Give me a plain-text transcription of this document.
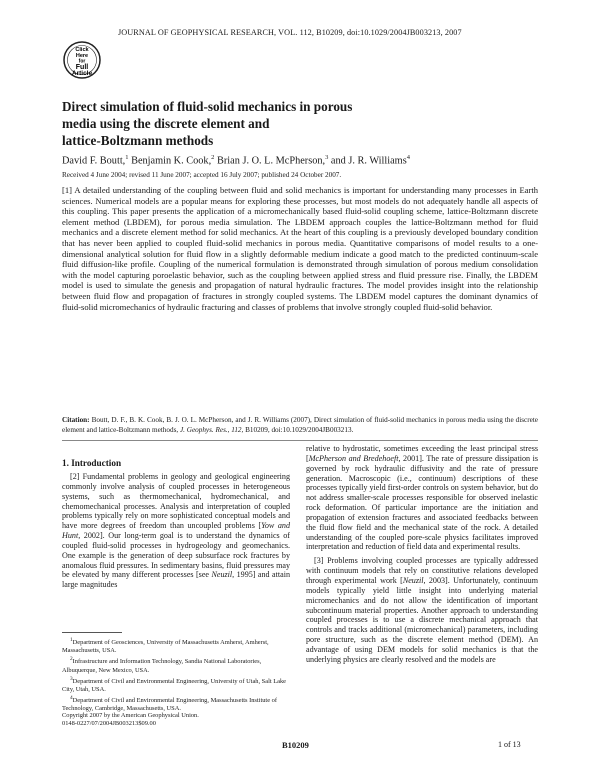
Click
Here
for
Full
Article
JOURNAL OF GEOPHYSICAL RESEARCH, VOL. 112, B10209, doi:10.1029/2004JB003213, 2007
Direct simulation of fluid-solid mechanics in porous
media using the discrete element and
lattice-Boltzmann methods
David F. Boutt,$^1$ Benjamin K. Cook,$^2$ Brian J. O. L. McPherson,$^3$ and J. R. Williams$^4$
Received 4 June 2004; revised 11 June 2007; accepted 16 July 2007; published 24 October 2007.
[1] A detailed understanding of the coupling between fluid and solid mechanics is important for understanding many processes in Earth sciences. Numerical models are a popular means for exploring these processes, but most models do not adequately handle all aspects of this coupling. This paper presents the application of a micromechanically based fluid-solid coupling scheme, lattice-Boltzmann discrete element method (LBDEM), for porous media simulation. The LBDEM approach couples the lattice-Boltzmann method for fluid mechanics and a discrete element method for solid mechanics. At the heart of this coupling is a previously developed boundary condition that has never been applied to coupled fluid-solid mechanics in porous media. Quantitative comparisons of model results to a one-dimensional analytical solution for fluid flow in a slightly deformable medium indicate a good match to the predicted continuum-scale fluid diffusion-like profile. Coupling of the numerical formulation is demonstrated through simulation of porous medium consolidation with the model capturing poroelastic behavior, such as the coupling between applied stress and fluid pressure rise. Finally, the LBDEM model is used to simulate the genesis and propagation of natural hydraulic fractures. The model provides insight into the relationship between fluid flow and propagation of fractures in strongly coupled systems. The LBDEM model captures the dominant dynamics of fluid-solid micromechanics of hydraulic fracturing and classes of problems that involve strongly coupled fluid-solid behavior.
Citation: Boutt, D. F., B. K. Cook, B. J. O. L. McPherson, and J. R. Williams (2007), Direct simulation of fluid-solid mechanics in porous media using the discrete element and lattice-Boltzmann methods, J. Geophys. Res., 112, B10209, doi:10.1029/2004JB003213.
1. Introduction

[2] Fundamental problems in geology and geological engineering commonly involve analysis of coupled processes in heterogeneous systems, such as thermomechanical, hydromechanical, and chemomechanical processes. Analysis and interpretation of coupled problems typically rely on more sophisticated conceptual models and have more degrees of freedom than uncoupled problems [Yow and Hunt, 2002]. Our long-term goal is to understand the dynamics of coupled fluid-solid processes in hydrogeology and geomechanics. One example is the generation of deep subsurface rock fractures by anomalous fluid pressures. In sedimentary basins, fluid pressures may be elevated by many different processes [see Neuzil, 1995] and attain large magnitudes

$^1$Department of Geosciences, University of Massachusetts Amherst, Amherst, Massachusetts, USA.

$^2$Infrastructure and Information Technology, Sandia National Laboratories, Albuquerque, New Mexico, USA.

$^3$Department of Civil and Environmental Engineering, University of Utah, Salt Lake City, Utah, USA.

$^4$Department of Civil and Environmental Engineering, Massachusetts Institute of Technology, Cambridge, Massachusetts, USA.

Copyright 2007 by the American Geophysical Union.
0148-0227/07/2004JB003213$09.00

relative to hydrostatic, sometimes exceeding the least principal stress [McPherson and Bredehoeft, 2001]. The rate of pressure dissipation is governed by rock hydraulic diffusivity and the rate of pressure generation. Macroscopic (i.e., continuum) descriptions of these processes typically yield first-order controls on system behavior, but do not address smaller-scale processes responsible for observed inelastic rock deformation. Of particular importance are the initiation and propagation of extension fractures and associated feedbacks between the fluid flow field and the mechanical state of the rock. A detailed understanding of the coupled pore-scale physics facilitates improved interpretation and reduction of field data and experimental results.

[3] Problems involving coupled processes are typically addressed with continuum models that rely on constitutive relations developed through experimental work [Neuzil, 2003]. Unfortunately, continuum models typically yield little insight into underlying material micromechanics and do not allow the identification of important subcontinuum material properties. Another approach to understanding coupled processes is to use a discrete mechanical approach that controls and tracks additional (micromechanical) parameters, including pore structure, such as the discrete element method (DEM). An advantage of using DEM models for solid mechanics is that the underlying physics are clearly resolved and the models are

B10209	1 of 13
